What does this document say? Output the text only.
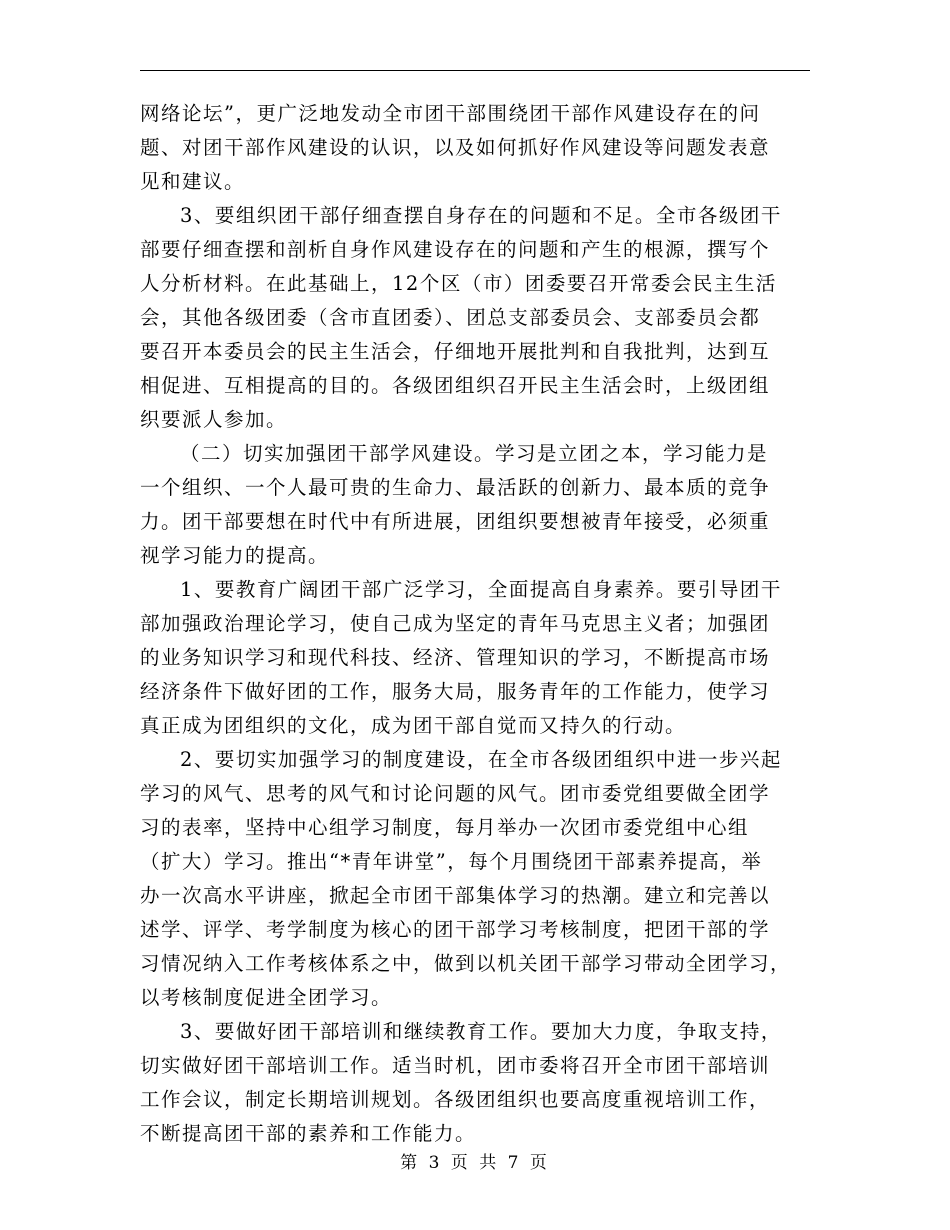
网络论坛”，更广泛地发动全市团干部围绕团干部作风建设存在的问
题、对团干部作风建设的认识，以及如何抓好作风建设等问题发表意
见和建议。
3、要组织团干部仔细查摆自身存在的问题和不足。全市各级团干
部要仔细查摆和剖析自身作风建设存在的问题和产生的根源，撰写个
人分析材料。在此基础上，12个区（市）团委要召开常委会民主生活
会，其他各级团委（含市直团委）、团总支部委员会、支部委员会都
要召开本委员会的民主生活会，仔细地开展批判和自我批判，达到互
相促进、互相提高的目的。各级团组织召开民主生活会时，上级团组
织要派人参加。
（二）切实加强团干部学风建设。学习是立团之本，学习能力是
一个组织、一个人最可贵的生命力、最活跃的创新力、最本质的竞争
力。团干部要想在时代中有所进展，团组织要想被青年接受，必须重
视学习能力的提高。
1、要教育广阔团干部广泛学习，全面提高自身素养。要引导团干
部加强政治理论学习，使自己成为坚定的青年马克思主义者；加强团
的业务知识学习和现代科技、经济、管理知识的学习，不断提高市场
经济条件下做好团的工作，服务大局，服务青年的工作能力，使学习
真正成为团组织的文化，成为团干部自觉而又持久的行动。
2、要切实加强学习的制度建设，在全市各级团组织中进一步兴起
学习的风气、思考的风气和讨论问题的风气。团市委党组要做全团学
习的表率，坚持中心组学习制度，每月举办一次团市委党组中心组
（扩大）学习。推出“*青年讲堂”，每个月围绕团干部素养提高，举
办一次高水平讲座，掀起全市团干部集体学习的热潮。建立和完善以
述学、评学、考学制度为核心的团干部学习考核制度，把团干部的学
习情况纳入工作考核体系之中，做到以机关团干部学习带动全团学习，
以考核制度促进全团学习。
3、要做好团干部培训和继续教育工作。要加大力度，争取支持，
切实做好团干部培训工作。适当时机，团市委将召开全市团干部培训
工作会议，制定长期培训规划。各级团组织也要高度重视培训工作，
不断提高团干部的素养和工作能力。
第 3 页 共 7 页
